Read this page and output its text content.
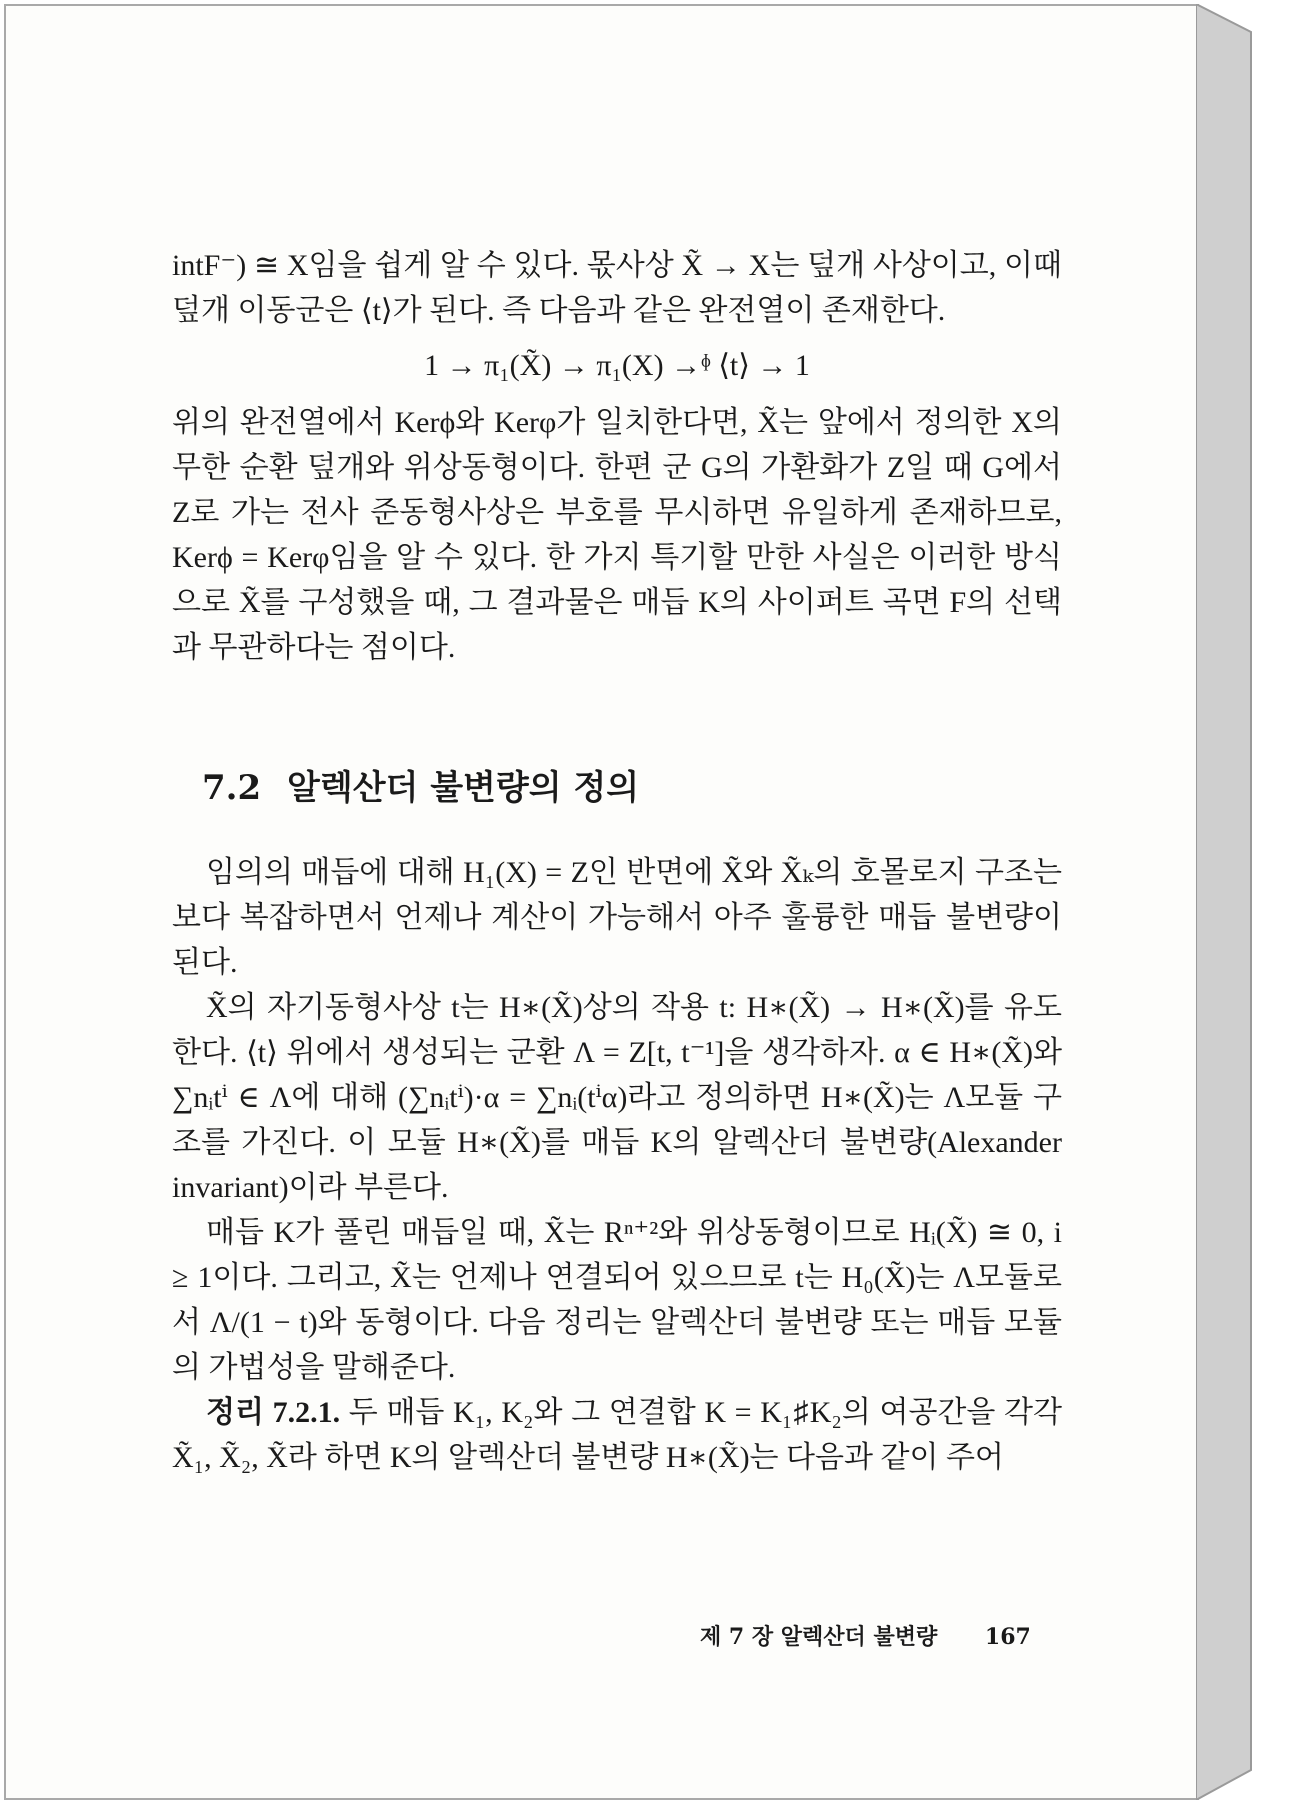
intF⁻) ≅ X임을 쉽게 알 수 있다. 몫사상 X̃ → X는 덮개 사상이고, 이때 덮개 이동군은 ⟨t⟩가 된다. 즉 다음과 같은 완전열이 존재한다.

1 → π₁(X̃) → π₁(X) →ᶲ ⟨t⟩ → 1

위의 완전열에서 Kerϕ와 Kerφ가 일치한다면, X̃는 앞에서 정의한 X의 무한 순환 덮개와 위상동형이다. 한편 군 G의 가환화가 Z일 때 G에서 Z로 가는 전사 준동형사상은 부호를 무시하면 유일하게 존재하므로, Kerϕ = Kerφ임을 알 수 있다. 한 가지 특기할 만한 사실은 이러한 방식으로 X̃를 구성했을 때, 그 결과물은 매듭 K의 사이퍼트 곡면 F의 선택과 무관하다는 점이다.

7.2 알렉산더 불변량의 정의

임의의 매듭에 대해 H₁(X) = Z인 반면에 X̃와 X̃ₖ의 호몰로지 구조는 보다 복잡하면서 언제나 계산이 가능해서 아주 훌륭한 매듭 불변량이 된다.

X̃의 자기동형사상 t는 H∗(X̃)상의 작용 t: H∗(X̃) → H∗(X̃)를 유도한다. ⟨t⟩ 위에서 생성되는 군환 Λ = Z[t, t⁻¹]을 생각하자. α ∈ H∗(X̃)와 ∑nᵢtⁱ ∈ Λ에 대해 (∑nᵢtⁱ)·α = ∑nᵢ(tⁱα)라고 정의하면 H∗(X̃)는 Λ모듈 구조를 가진다. 이 모듈 H∗(X̃)를 매듭 K의 알렉산더 불변량(Alexander invariant)이라 부른다.

매듭 K가 풀린 매듭일 때, X̃는 Rⁿ⁺²와 위상동형이므로 Hᵢ(X̃) ≅ 0, i ≥ 1이다. 그리고, X̃는 언제나 연결되어 있으므로 t는 H₀(X̃)는 Λ모듈로서 Λ/(1 − t)와 동형이다. 다음 정리는 알렉산더 불변량 또는 매듭 모듈의 가법성을 말해준다.

정리 7.2.1. 두 매듭 K₁, K₂와 그 연결합 K = K₁♯K₂의 여공간을 각각 X̃₁, X̃₂, X̃라 하면 K의 알렉산더 불변량 H∗(X̃)는 다음과 같이 주어

제 7 장 알렉산더 불변량 167
